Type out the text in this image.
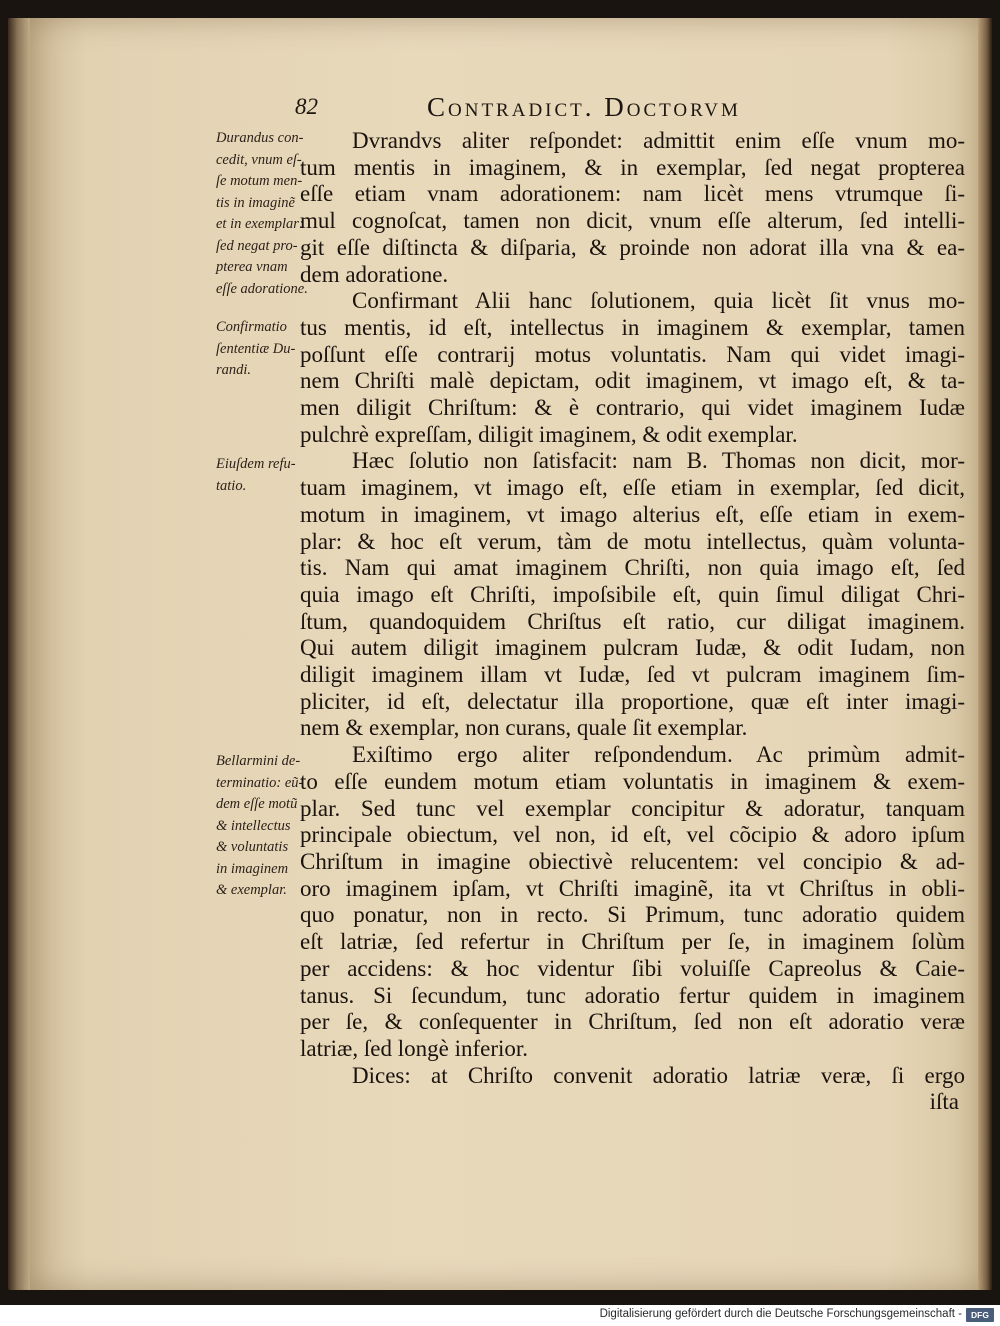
Durandus con-
cedit, vnum eſ-
ſe motum men-
tis in imaginẽ
et in exemplar:
ſed negat pro-
pterea vnam
eſſe adoratione.
Confirmatio
ſententiæ Du-
randi.
Eiuſdem refu-
tatio.
Bellarmini de-
terminatio: eũ-
dem eſſe motũ
& intellectus
& voluntatis
in imaginem
& exemplar.
82	Contradict. Doctorvm
Dvrandvs aliter reſpondet: admittit enim eſſe vnum mo-
tum mentis in imaginem, & in exemplar, ſed negat propterea
eſſe etiam vnam adorationem: nam licèt mens vtrumque ſi-
mul cognoſcat, tamen non dicit, vnum eſſe alterum, ſed intelli-
git eſſe diſtincta & diſparia, & proinde non adorat illa vna & ea-
dem adoratione.
Confirmant Alii hanc ſolutionem, quia licèt ſit vnus mo-
tus mentis, id eſt, intellectus in imaginem & exemplar, tamen
poſſunt eſſe contrarij motus voluntatis. Nam qui videt imagi-
nem Chriſti malè depictam, odit imaginem, vt imago eſt, & ta-
men diligit Chriſtum: & è contrario, qui videt imaginem Iudæ
pulchrè expreſſam, diligit imaginem, & odit exemplar.
Hæc ſolutio non ſatisfacit: nam B. Thomas non dicit, mor-
tuam imaginem, vt imago eſt, eſſe etiam in exemplar, ſed dicit,
motum in imaginem, vt imago alterius eſt, eſſe etiam in exem-
plar: & hoc eſt verum, tàm de motu intellectus, quàm volunta-
tis. Nam qui amat imaginem Chriſti, non quia imago eſt, ſed
quia imago eſt Chriſti, impoſsibile eſt, quin ſimul diligat Chri-
ſtum, quandoquidem Chriſtus eſt ratio, cur diligat imaginem.
Qui autem diligit imaginem pulcram Iudæ, & odit Iudam, non
diligit imaginem illam vt Iudæ, ſed vt pulcram imaginem ſim-
pliciter, id eſt, delectatur illa proportione, quæ eſt inter imagi-
nem & exemplar, non curans, quale ſit exemplar.
Exiſtimo ergo aliter reſpondendum. Ac primùm admit-
to eſſe eundem motum etiam voluntatis in imaginem & exem-
plar. Sed tunc vel exemplar concipitur & adoratur, tanquam
principale obiectum, vel non, id eſt, vel cõcipio & adoro ipſum
Chriſtum in imagine obiectivè relucentem: vel concipio & ad-
oro imaginem ipſam, vt Chriſti imaginẽ, ita vt Chriſtus in obli-
quo ponatur, non in recto. Si Primum, tunc adoratio quidem
eſt latriæ, ſed refertur in Chriſtum per ſe, in imaginem ſolùm
per accidens: & hoc videntur ſibi voluiſſe Capreolus & Caie-
tanus. Si ſecundum, tunc adoratio fertur quidem in imaginem
per ſe, & conſequenter in Chriſtum, ſed non eſt adoratio veræ
latriæ, ſed longè inferior.
Dices: at Chriſto convenit adoratio latriæ veræ, ſi ergo
iſta
Digitalisierung gefördert durch die Deutsche Forschungsgemeinschaft -	DFG
